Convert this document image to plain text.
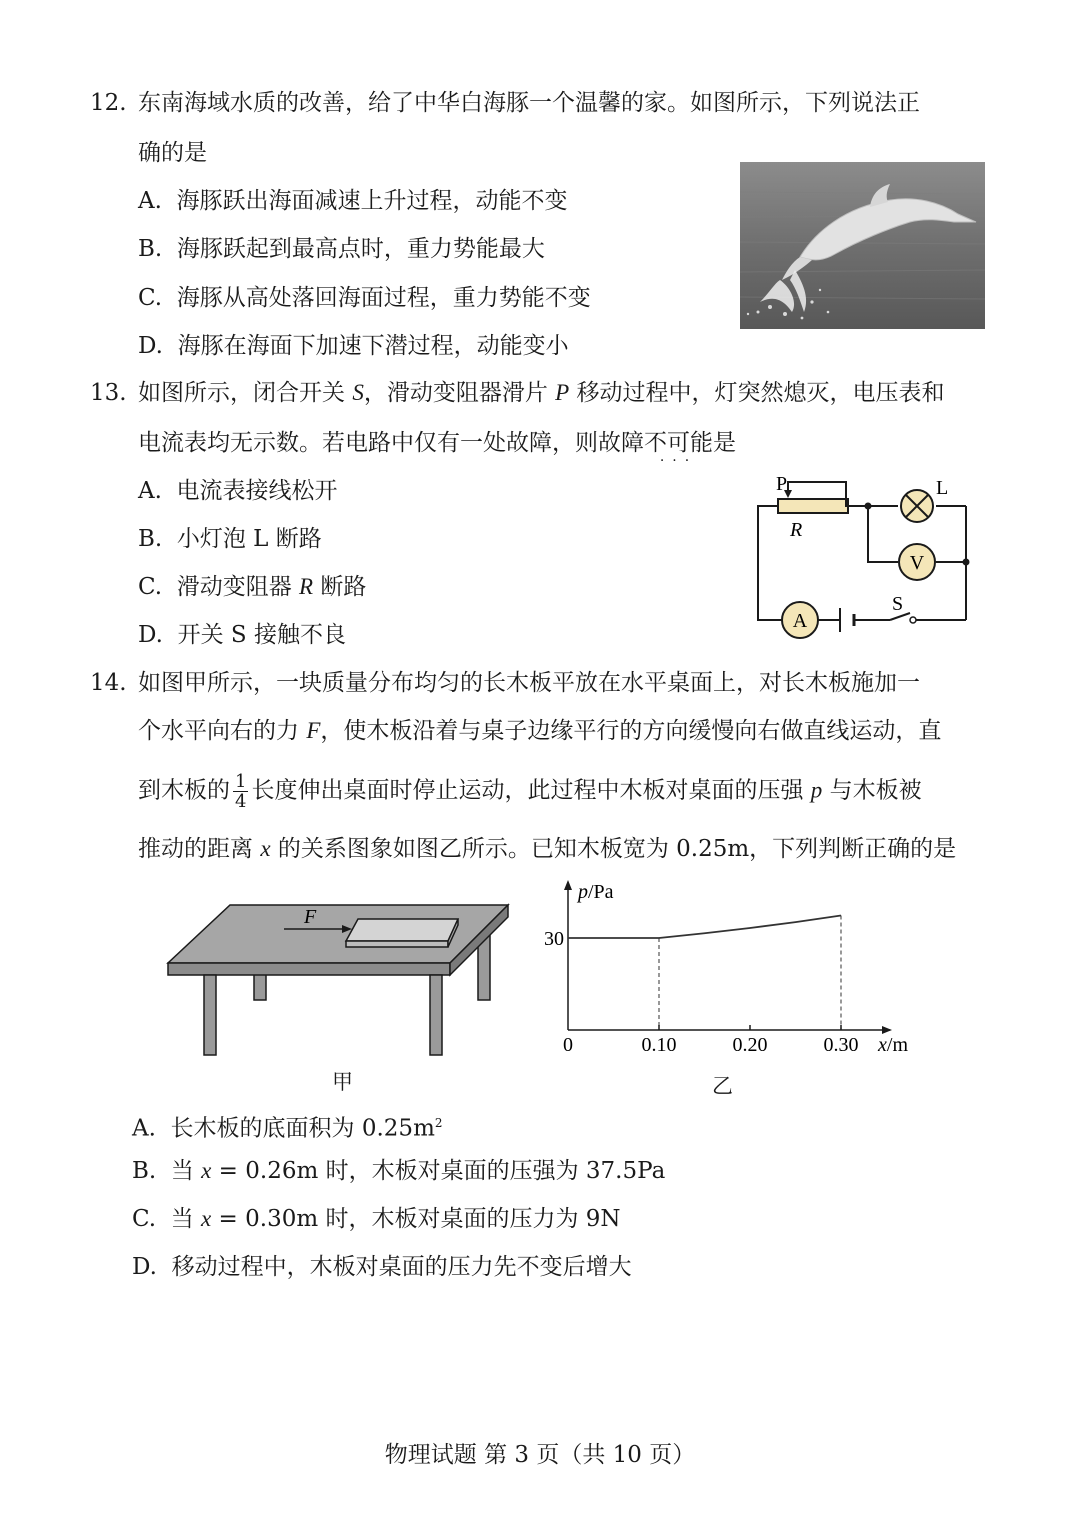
12. 东南海域水质的改善，给了中华白海豚一个温馨的家。如图所示，下列说法正
确的是
A. 海豚跃出海面减速上升过程，动能不变
B. 海豚跃起到最高点时，重力势能最大
C. 海豚从高处落回海面过程，重力势能不变
D. 海豚在海面下加速下潜过程，动能变小
13. 如图所示，闭合开关 S，滑动变阻器滑片 P 移动过程中，灯突然熄灭，电压表和
电流表均无示数。若电路中仅有一处故障，则故障不可能
···
是
A. 电流表接线松开
B. 小灯泡 L 断路
C. 滑动变阻器 R 断路
D. 开关 S 接触不良
P
R
L
V
A
S
14. 如图甲所示，一块质量分布均匀的长木板平放在水平桌面上，对长木板施加一
个水平向右的力 F，使木板沿着与桌子边缘平行的方向缓慢向右做直线运动，直
到木板的 $\frac{1}{4}$ 长度伸出桌面时停止运动，此过程中木板对桌面的压强 p 与木板被
推动的距离 x 的关系图象如图乙所示。已知木板宽为 0.25m，下列判断正确的是
F
甲
0	0.10	0.20	0.30
30
p/Pa
x/m
乙
A. 长木板的底面积为 $0.25m^2$
B. 当 x = 0.26m 时，木板对桌面的压强为 37.5Pa
C. 当 x = 0.30m 时，木板对桌面的压力为 9N
D. 移动过程中，木板对桌面的压力先不变后增大
物理试题 第 3 页（共 10 页）
